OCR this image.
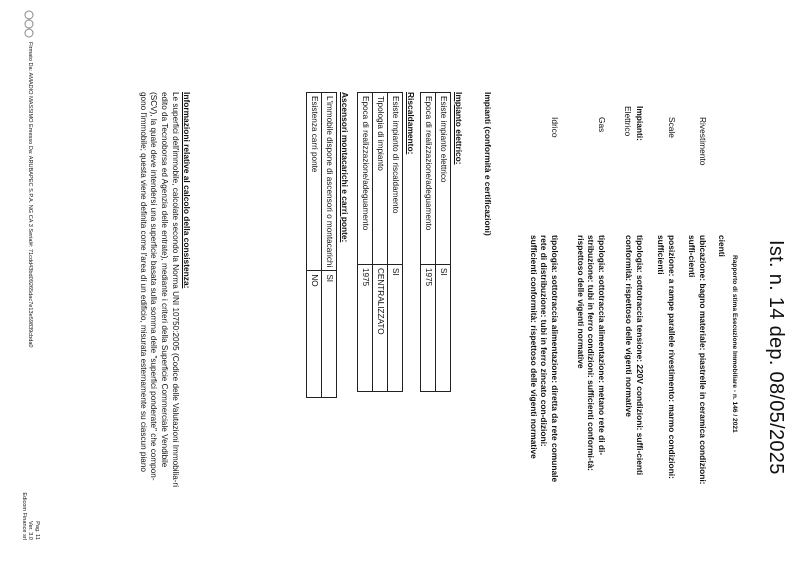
Ist. n. 14 dep. 08/05/2025
Rapporto di stima Esecuzione Immobiliare - n. 146 / 2021
cienti
Rivestimento
ubicazione: bagno materiale: piastrelle in ceramica condizioni: suffi-cienti
Scale
posizione: a rampe parallele rivestimento: marmo condizioni: sufficienti
Impianti:
Elettrico
tipologia: sottotraccia tensione: 220V condizioni: suffi-cienti conformità: rispettoso delle vigenti normative
Gas
tipologia: sottotraccia alimentazione: metano rete di di-stribuzione: tubi in ferro condizioni: sufficienti conformi-tà: rispettoso delle vigenti normative
Idrico
tipologia: sottotraccia alimentazione: diretta da rete comunale rete di distribuzione: tubi in ferro zincato con-dizioni: sufficienti conformità: rispettoso delle vigenti normative
Impianti (conformità e certificazioni)
Impianto elettrico:
Esiste impianto elettrico	SI
Epoca di realizzazione/adeguamento	1975
Riscaldamento:
Esiste impianto di riscaldamento	SI
Tipologia di impianto	CENTRALIZZATO
Epoca di realizzazione/adeguamento	1975
Ascensori montacarichi e carri ponte:
L'immobile dispone di ascensori o montacarichi	SI
Esistenza carri ponte	NO
Informazioni relative al calcolo della consistenza:
Le superfici dell'immobile, calcolate secondo la Norma UNI 10750:2005 (Codice delle Valutazioni Immobilia-ri edito da Tecnoborsa ed Agenzia delle entrate), mediante i criteri della Superficie Commerciale Vendibile (SCV), la quale deve intendersi una superficie basata sulla somma delle "superfici ponderate" che compon-gono l'immobile; questa viene definita come l'area di un edificio, misurata esternamente su ciascun piano
Pag. 11
Ver. 3.0
Edicom Finance srl
Firmato Da: AMADIO MASSIMO Emesso Da: ARUBAPEC S.P.A. NG CA 3 Serial#: 71cdd43bd09265dac7e13e59839cbda0
